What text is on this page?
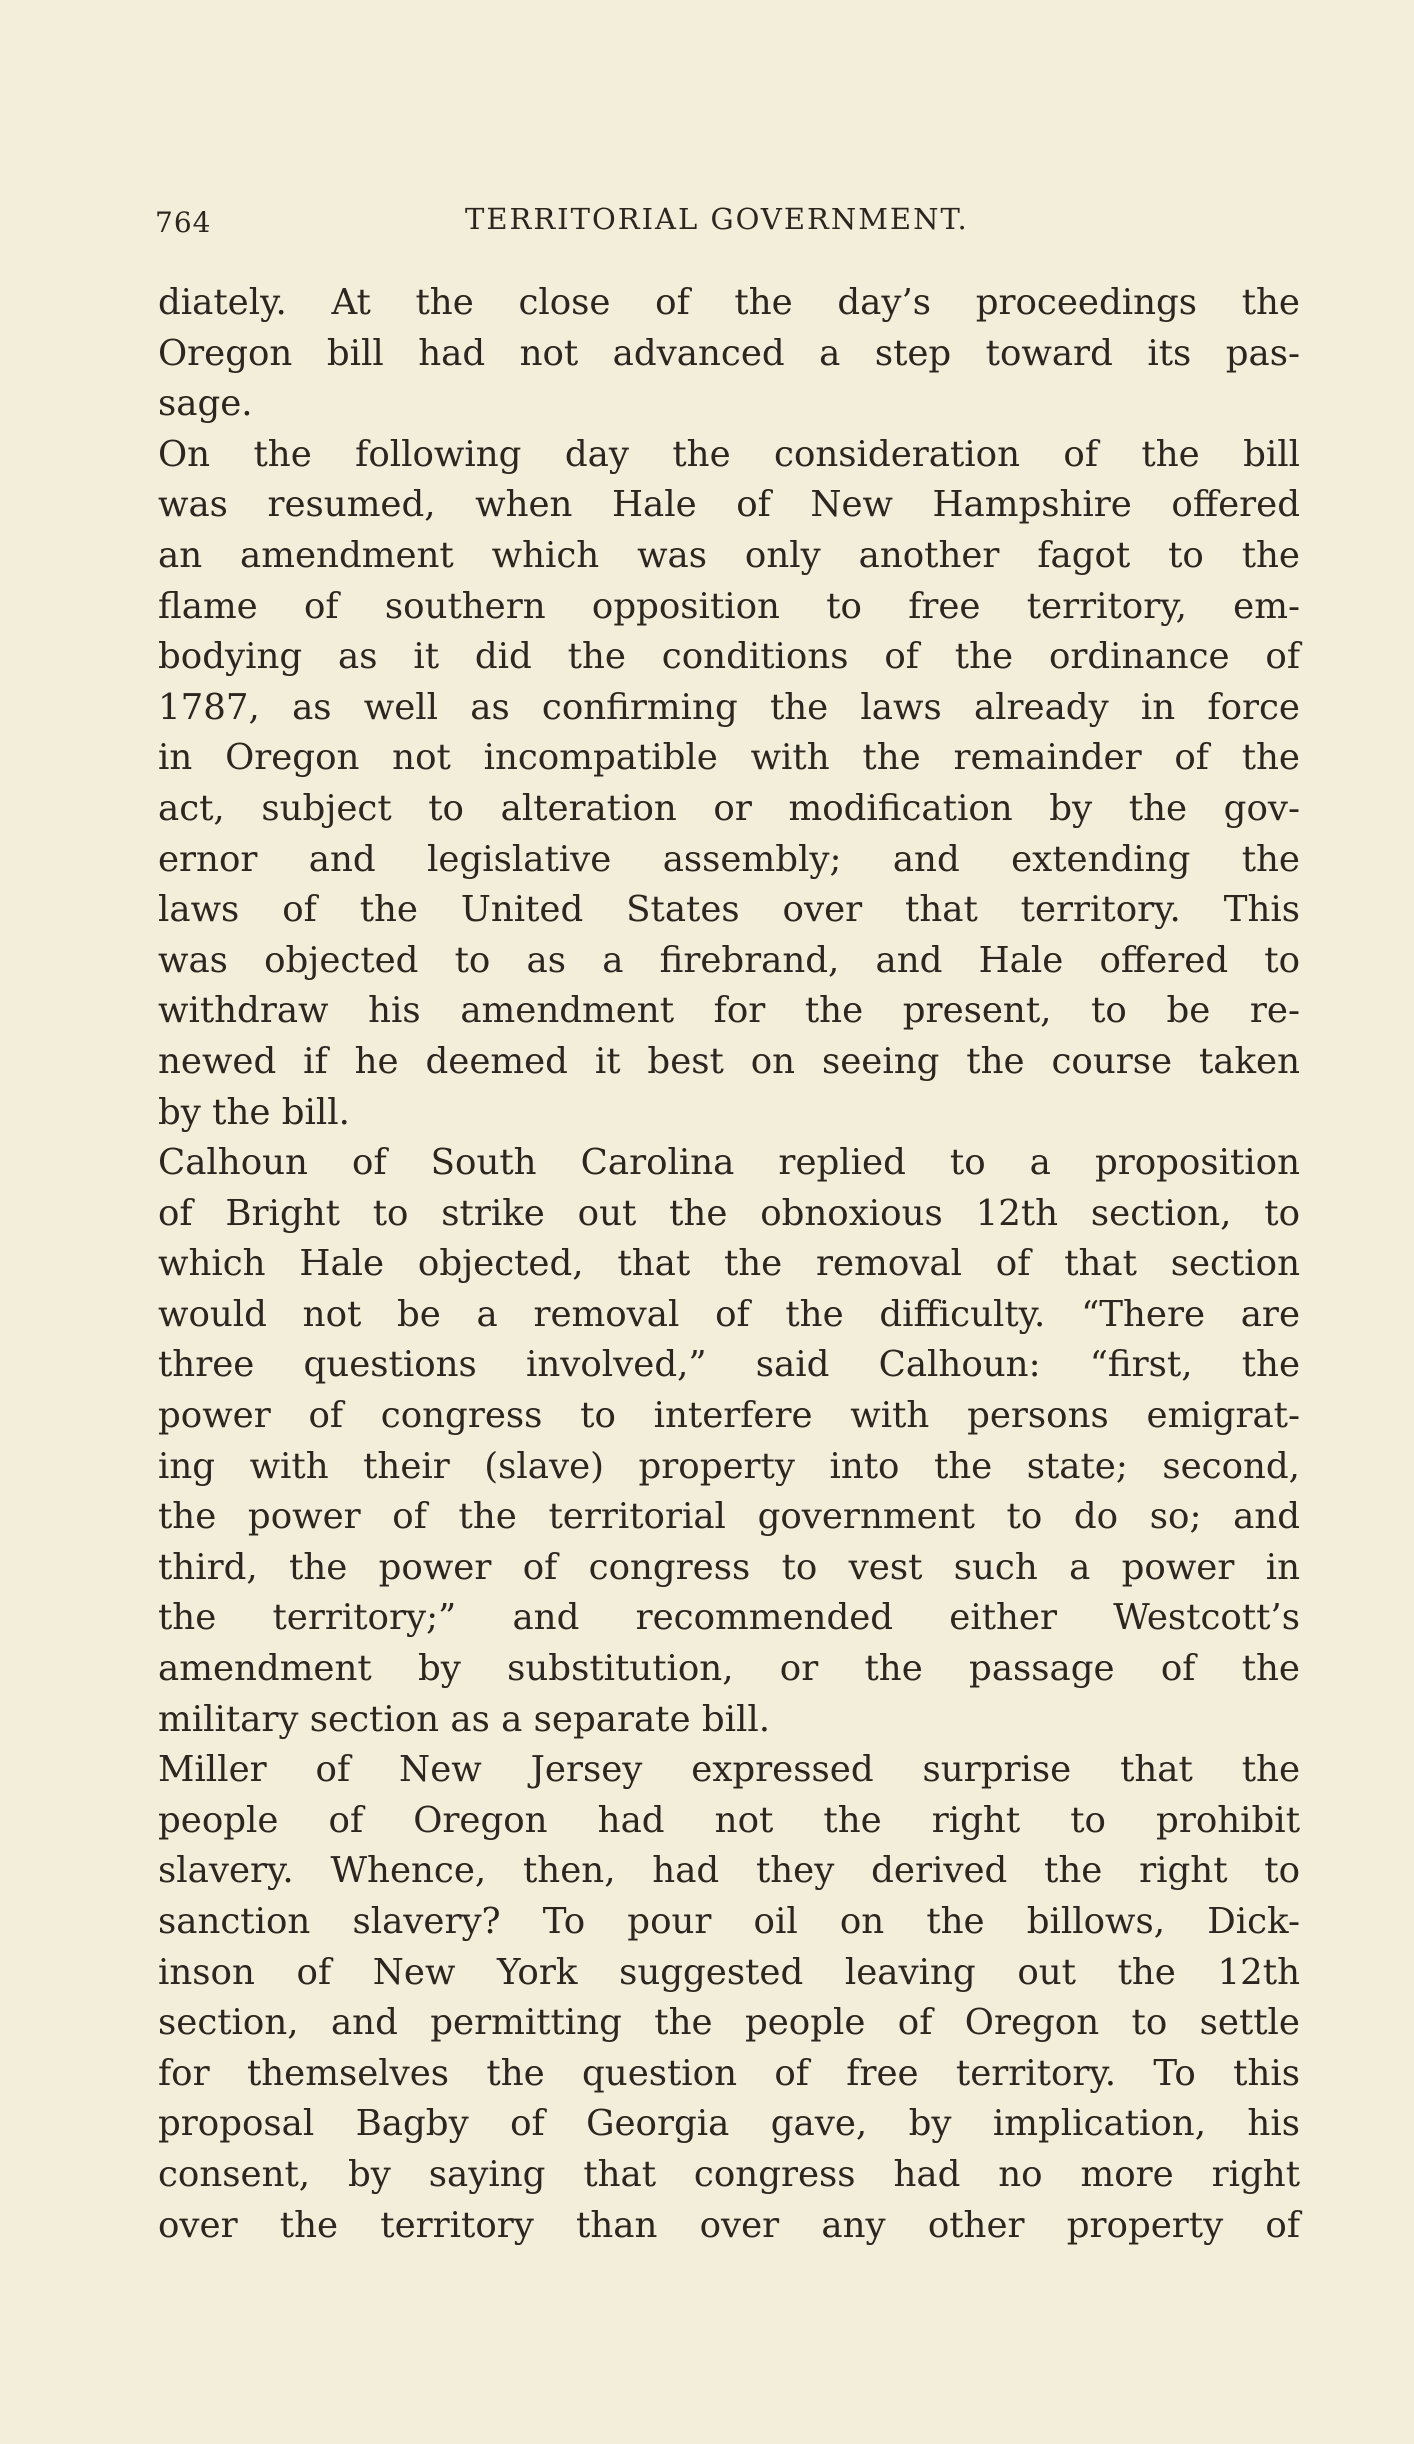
764	TERRITORIAL GOVERNMENT.
diately. At the close of the day’s proceedings the
Oregon bill had not advanced a step toward its pas-
sage.
On the following day the consideration of the bill
was resumed, when Hale of New Hampshire offered
an amendment which was only another fagot to the
flame of southern opposition to free territory, em-
bodying as it did the conditions of the ordinance of
1787, as well as confirming the laws already in force
in Oregon not incompatible with the remainder of the
act, subject to alteration or modification by the gov-
ernor and legislative assembly; and extending the
laws of the United States over that territory. This
was objected to as a firebrand, and Hale offered to
withdraw his amendment for the present, to be re-
newed if he deemed it best on seeing the course taken
by the bill.
Calhoun of South Carolina replied to a proposition
of Bright to strike out the obnoxious 12th section, to
which Hale objected, that the removal of that section
would not be a removal of the difficulty. “There are
three questions involved,” said Calhoun: “first, the
power of congress to interfere with persons emigrat-
ing with their (slave) property into the state; second,
the power of the territorial government to do so; and
third, the power of congress to vest such a power in
the territory;” and recommended either Westcott’s
amendment by substitution, or the passage of the
military section as a separate bill.
Miller of New Jersey expressed surprise that the
people of Oregon had not the right to prohibit
slavery. Whence, then, had they derived the right to
sanction slavery? To pour oil on the billows, Dick-
inson of New York suggested leaving out the 12th
section, and permitting the people of Oregon to settle
for themselves the question of free territory. To this
proposal Bagby of Georgia gave, by implication, his
consent, by saying that congress had no more right
over the territory than over any other property of
